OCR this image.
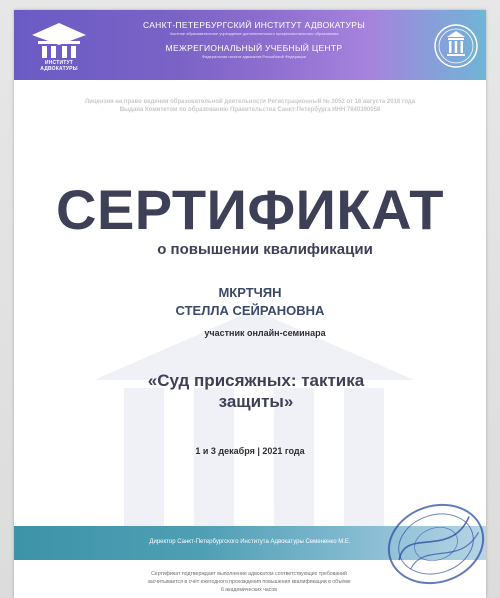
ИНСТИТУТ АДВОКАТУРЫ
САНКТ-ПЕТЕРБУРГСКИЙ ИНСТИТУТ АДВОКАТУРЫ
Частное образовательное учреждение дополнительного профессионального образования
МЕЖРЕГИОНАЛЬНЫЙ УЧЕБНЫЙ ЦЕНТР
Федеральная палата адвокатов Российской Федерации
Лицензия на право ведения образовательной деятельности Регистрационный № 3052 от 16 августа 2016 года
Выдана Комитетом по образованию Правительства Санкт-Петербурга ИНН 7840390058
СЕРТИФИКАТ
о повышении квалификации
МКРТЧЯН
СТЕЛЛА СЕЙРАНОВНА
участник онлайн-семинара
«Суд присяжных: тактика
защиты»
1 и 3 декабря | 2021 года
Директор Санкт-Петербургского Института Адвокатуры Семененко М.Е.
Сертификат подтверждает выполнение адвокатом соответствующих требований
засчитывается в счёт ежегодного прохождения повышения квалификации в объёме
6 академических часов
